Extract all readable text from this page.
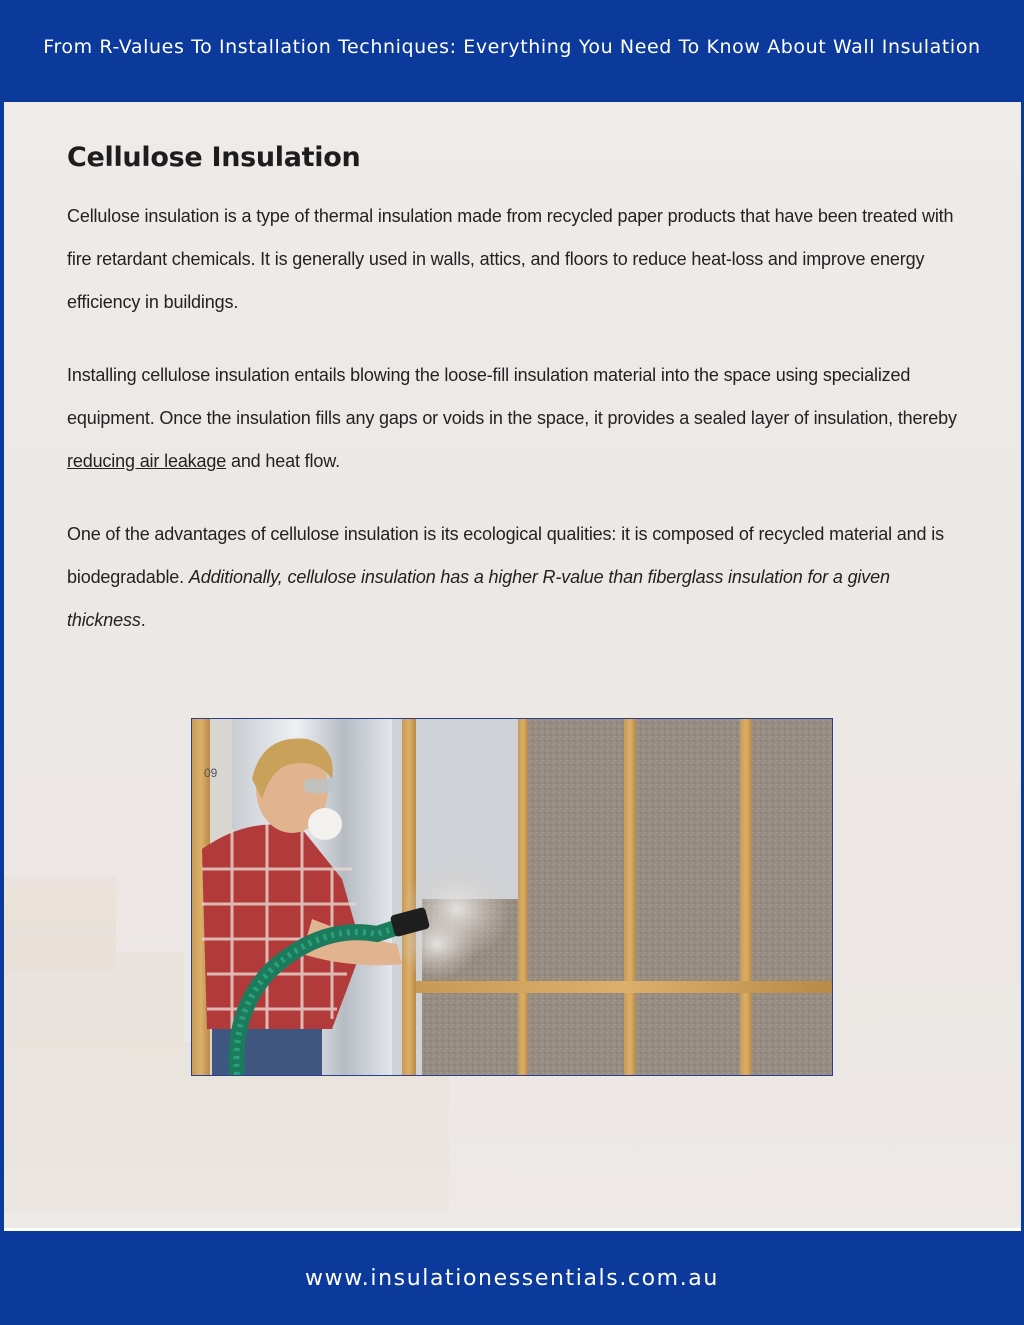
From R-Values To Installation Techniques: Everything You Need To Know About Wall Insulation
Cellulose Insulation

Cellulose insulation is a type of thermal insulation made from recycled paper products that have been treated with fire retardant chemicals. It is generally used in walls, attics, and floors to reduce heat-loss and improve energy efficiency in buildings.

Installing cellulose insulation entails blowing the loose-fill insulation material into the space using specialized equipment. Once the insulation fills any gaps or voids in the space, it provides a sealed layer of insulation, thereby reducing air leakage and heat flow.

One of the advantages of cellulose insulation is its ecological qualities: it is composed of recycled material and is biodegradable. Additionally, cellulose insulation has a higher R-value than fiberglass insulation for a given thickness.

09
www.insulationessentials.com.au
